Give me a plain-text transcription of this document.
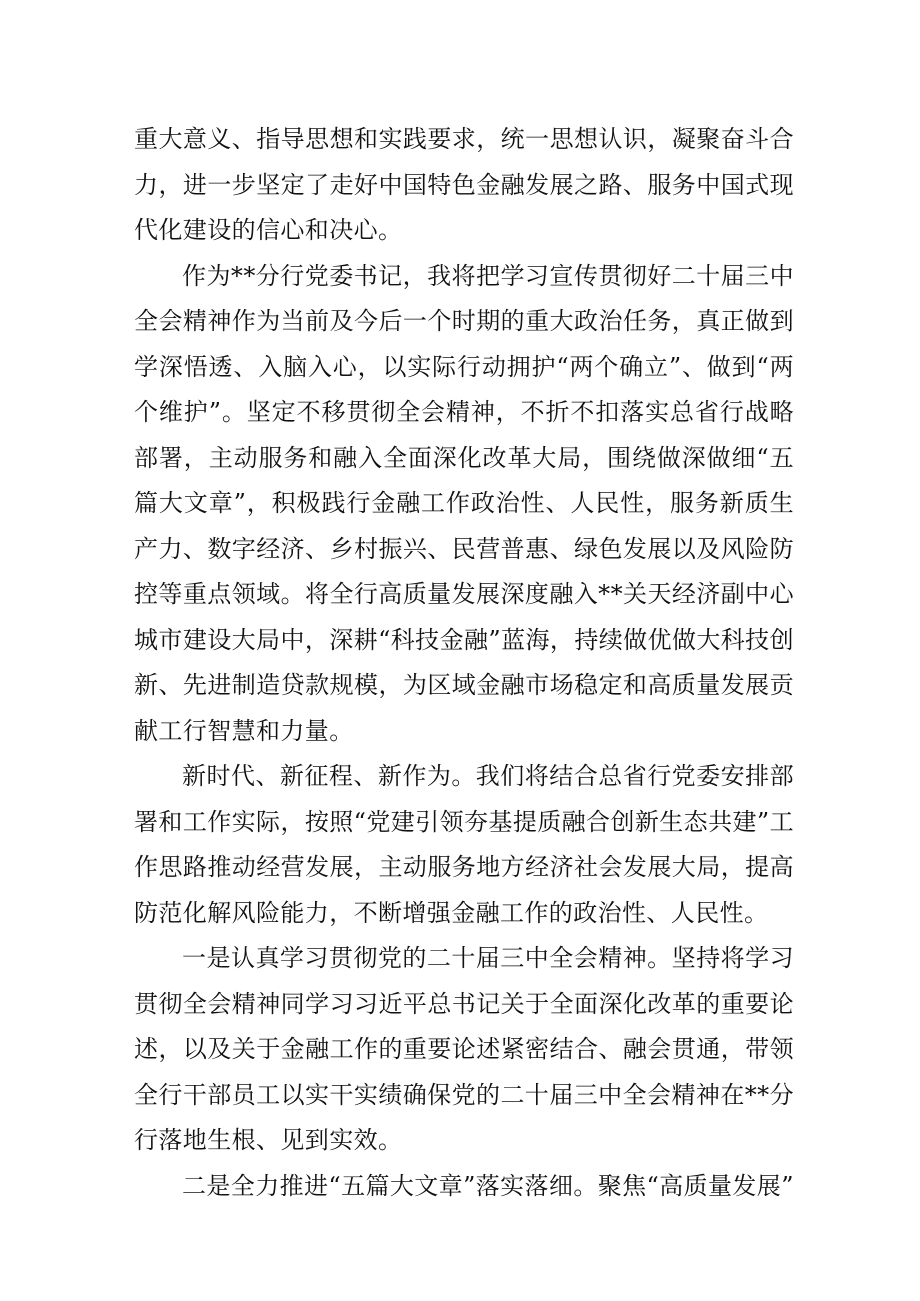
重大意义、指导思想和实践要求，统一思想认识，凝聚奋斗合力，进一步坚定了走好中国特色金融发展之路、服务中国式现代化建设的信心和决心。

作为**分行党委书记，我将把学习宣传贯彻好二十届三中全会精神作为当前及今后一个时期的重大政治任务，真正做到学深悟透、入脑入心，以实际行动拥护“两个确立”、做到“两个维护”。坚定不移贯彻全会精神，不折不扣落实总省行战略部署，主动服务和融入全面深化改革大局，围绕做深做细“五篇大文章”，积极践行金融工作政治性、人民性，服务新质生产力、数字经济、乡村振兴、民营普惠、绿色发展以及风险防控等重点领域。将全行高质量发展深度融入**关天经济副中心城市建设大局中，深耕“科技金融”蓝海，持续做优做大科技创新、先进制造贷款规模，为区域金融市场稳定和高质量发展贡献工行智慧和力量。

新时代、新征程、新作为。我们将结合总省行党委安排部署和工作实际，按照“党建引领夯基提质融合创新生态共建”工作思路推动经营发展，主动服务地方经济社会发展大局，提高防范化解风险能力，不断增强金融工作的政治性、人民性。

一是认真学习贯彻党的二十届三中全会精神。坚持将学习贯彻全会精神同学习习近平总书记关于全面深化改革的重要论述，以及关于金融工作的重要论述紧密结合、融会贯通，带领全行干部员工以实干实绩确保党的二十届三中全会精神在**分行落地生根、见到实效。

二是全力推进“五篇大文章”落实落细。聚焦“高质量发展”
